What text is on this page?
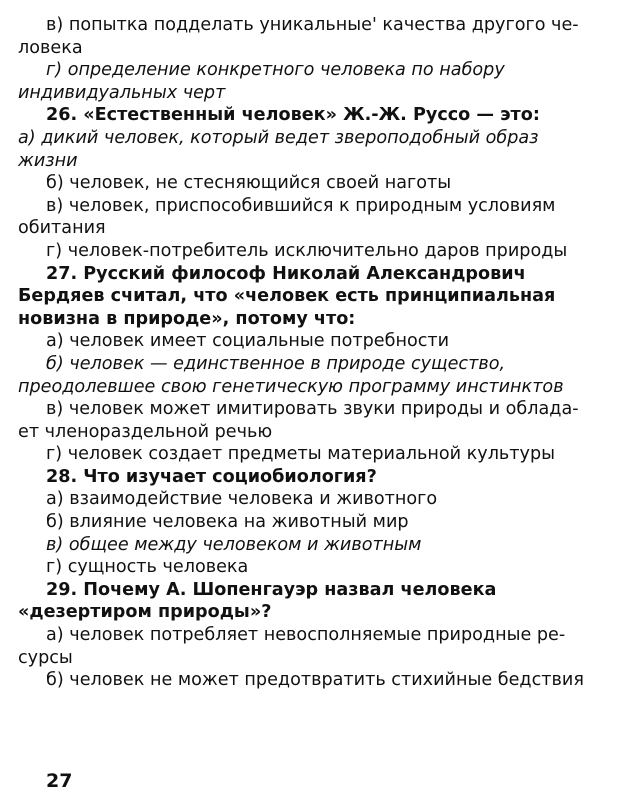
в) попытка подделать уникальные' качества другого че-
ловека
г) определение конкретного человека по набору
индивидуальных черт
26. «Естественный человек» Ж.-Ж. Руссо — это:
а) дикий человек, который ведет звероподобный образ
жизни
б) человек, не стесняющийся своей наготы
в) человек, приспособившийся к природным условиям
обитания
г) человек-потребитель исключительно даров природы
27. Русский философ Николай Александрович
Бердяев считал, что «человек есть принципиальная
новизна в природе», потому что:
а) человек имеет социальные потребности
б) человек — единственное в природе существо,
преодолевшее свою генетическую программу инстинктов
в) человек может имитировать звуки природы и облада-
ет членораздельной речью
г) человек создает предметы материальной культуры
28. Что изучает социобиология?
а) взаимодействие человека и животного
б) влияние человека на животный мир
в) общее между человеком и животным
г) сущность человека
29. Почему А. Шопенгауэр назвал человека
«дезертиром природы»?
а) человек потребляет невосполняемые природные ре-
сурсы
б) человек не может предотвратить стихийные бедствия
27
